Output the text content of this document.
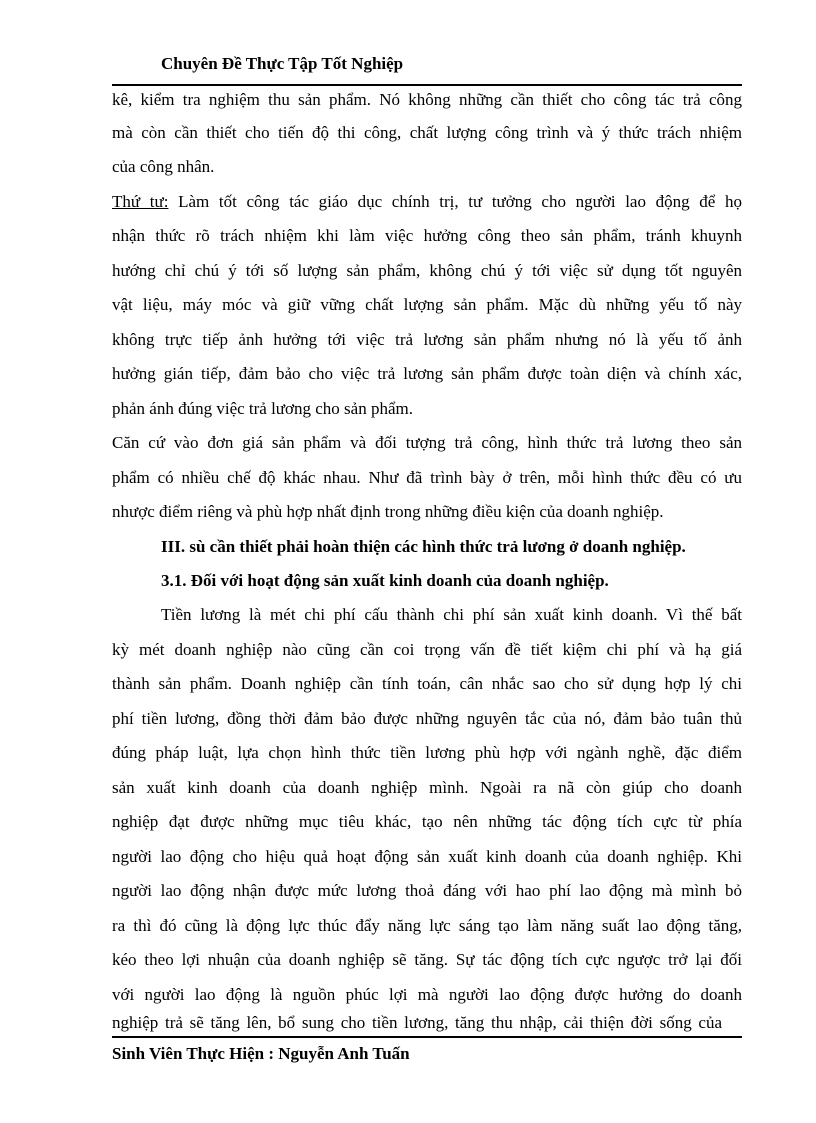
Chuyên Đề Thực Tập Tốt Nghiệp
kê, kiểm tra nghiệm thu sản phẩm. Nó không những cần thiết cho công tác trả công
mà còn cần thiết cho tiến độ thi công, chất lượng công trình và ý thức trách nhiệm
của công nhân.
Thứ tư: Làm tốt công tác giáo dục chính trị, tư tưởng cho người lao động để họ
nhận thức rõ trách nhiệm khi làm việc hưởng công theo sản phẩm, tránh khuynh
hướng chỉ chú ý tới số lượng sản phẩm, không chú ý tới việc sử dụng tốt nguyên
vật liệu, máy móc và giữ vững chất lượng sản phẩm. Mặc dù những yếu tố này
không trực tiếp ảnh hưởng tới việc trả lương sản phẩm nhưng nó là yếu tố ảnh
hưởng gián tiếp, đảm bảo cho việc trả lương sản phẩm được toàn diện và chính xác,
phản ánh đúng việc trả lương cho sản phẩm.
Căn cứ vào đơn giá sản phẩm và đối tượng trả công, hình thức trả lương theo sản
phẩm có nhiều chế độ khác nhau. Như đã trình bày ở trên, mỗi hình thức đều có ưu
nhược điểm riêng và phù hợp nhất định trong những điều kiện của doanh nghiệp.
III. sù cần thiết phải hoàn thiện các hình thức trả lương ở doanh nghiệp.
3.1. Đối với hoạt động sản xuất kinh doanh của doanh nghiệp.
Tiền lương là mét chi phí cấu thành chi phí sản xuất kinh doanh. Vì thế bất
kỳ mét doanh nghiệp nào cũng cần coi trọng vấn đề tiết kiệm chi phí và hạ giá
thành sản phẩm. Doanh nghiệp cần tính toán, cân nhắc sao cho sử dụng hợp lý chi
phí tiền lương, đồng thời đảm bảo được những nguyên tắc của nó, đảm bảo tuân thủ
đúng pháp luật, lựa chọn hình thức tiền lương phù hợp với ngành nghề, đặc điểm
sản xuất kinh doanh của doanh nghiệp mình. Ngoài ra nã còn giúp cho doanh
nghiệp đạt được những mục tiêu khác, tạo nên những tác động tích cực từ phía
người lao động cho hiệu quả hoạt động sản xuất kinh doanh của doanh nghiệp. Khi
người lao động nhận được mức lương thoả đáng với hao phí lao động mà mình bỏ
ra thì đó cũng là động lực thúc đẩy năng lực sáng tạo làm năng suất lao động tăng,
kéo theo lợi nhuận của doanh nghiệp sẽ tăng. Sự tác động tích cực ngược trở lại đối
với người lao động là nguồn phúc lợi mà người lao động được hưởng do doanh
nghiệp trả sẽ tăng lên, bổ sung cho tiền lương, tăng thu nhập, cải thiện đời sống của
Sinh Viên Thực Hiện : Nguyễn Anh Tuấn
